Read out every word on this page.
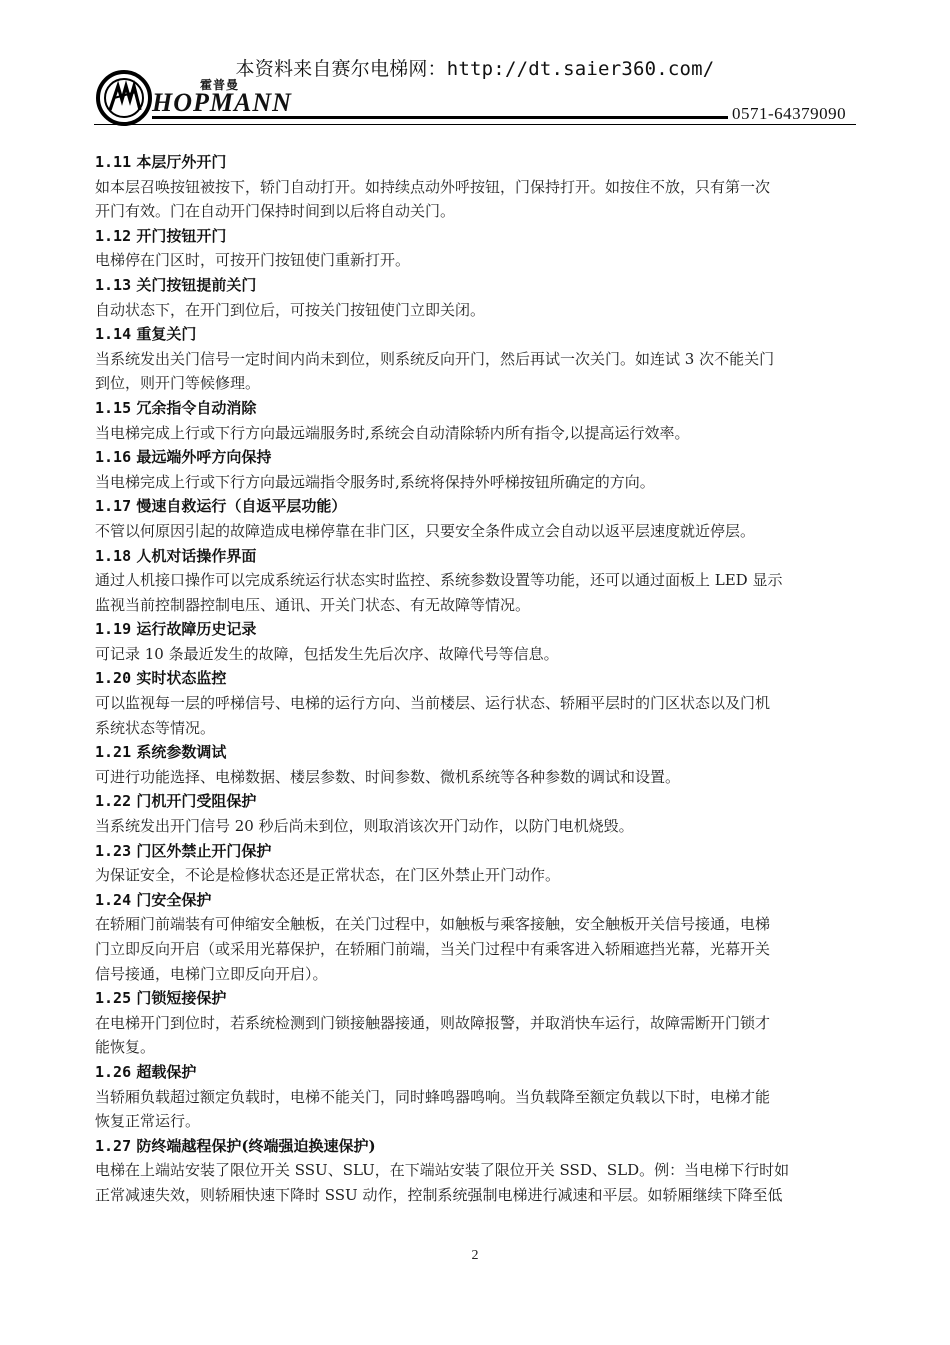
本资料来自赛尔电梯网：http://dt.saier360.com/
霍普曼
HOPMANN	0571-64379090
1.11 本层厅外开门

如本层召唤按钮被按下，轿门自动打开。如持续点动外呼按钮，门保持打开。如按住不放，只有第一次

开门有效。门在自动开门保持时间到以后将自动关门。

1.12 开门按钮开门

电梯停在门区时，可按开门按钮使门重新打开。

1.13 关门按钮提前关门

自动状态下，在开门到位后，可按关门按钮使门立即关闭。

1.14 重复关门

当系统发出关门信号一定时间内尚未到位，则系统反向开门，然后再试一次关门。如连试 3 次不能关门

到位，则开门等候修理。

1.15 冗余指令自动消除

当电梯完成上行或下行方向最远端服务时,系统会自动清除轿内所有指令,以提高运行效率。

1.16 最远端外呼方向保持

当电梯完成上行或下行方向最远端指令服务时,系统将保持外呼梯按钮所确定的方向。

1.17 慢速自救运行（自返平层功能）

不管以何原因引起的故障造成电梯停靠在非门区，只要安全条件成立会自动以返平层速度就近停层。

1.18 人机对话操作界面

通过人机接口操作可以完成系统运行状态实时监控、系统参数设置等功能，还可以通过面板上 LED 显示

监视当前控制器控制电压、通讯、开关门状态、有无故障等情况。

1.19 运行故障历史记录

可记录 10 条最近发生的故障，包括发生先后次序、故障代号等信息。

1.20 实时状态监控

可以监视每一层的呼梯信号、电梯的运行方向、当前楼层、运行状态、轿厢平层时的门区状态以及门机

系统状态等情况。

1.21 系统参数调试

可进行功能选择、电梯数据、楼层参数、时间参数、微机系统等各种参数的调试和设置。

1.22 门机开门受阻保护

当系统发出开门信号 20 秒后尚未到位，则取消该次开门动作，以防门电机烧毁。

1.23 门区外禁止开门保护

为保证安全，不论是检修状态还是正常状态，在门区外禁止开门动作。

1.24 门安全保护

在轿厢门前端装有可伸缩安全触板，在关门过程中，如触板与乘客接触，安全触板开关信号接通，电梯

门立即反向开启（或采用光幕保护，在轿厢门前端，当关门过程中有乘客进入轿厢遮挡光幕，光幕开关

信号接通，电梯门立即反向开启）。

1.25 门锁短接保护

在电梯开门到位时，若系统检测到门锁接触器接通，则故障报警，并取消快车运行，故障需断开门锁才

能恢复。

1.26 超载保护

当轿厢负载超过额定负载时，电梯不能关门，同时蜂鸣器鸣响。当负载降至额定负载以下时，电梯才能

恢复正常运行。

1.27 防终端越程保护(终端强迫换速保护)

电梯在上端站安装了限位开关 SSU、SLU，在下端站安装了限位开关 SSD、SLD。例：当电梯下行时如

正常减速失效，则轿厢快速下降时 SSU 动作，控制系统强制电梯进行减速和平层。如轿厢继续下降至低

2
